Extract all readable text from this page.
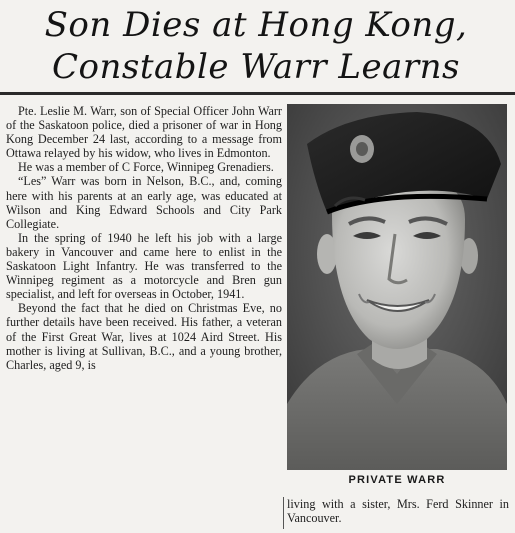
Son Dies at Hong Kong,
Constable Warr Learns

Pte. Leslie M. Warr, son of Special Officer John Warr of the Saskatoon police, died a prisoner of war in Hong Kong December 24 last, according to a message from Ottawa relayed by his widow, who lives in Edmonton.

He was a member of C Force, Winnipeg Grenadiers.

“Les” Warr was born in Nelson, B.C., and, coming here with his parents at an early age, was educated at Wilson and King Edward Schools and City Park Collegiate.

In the spring of 1940 he left his job with a large bakery in Vancouver and came here to enlist in the Saskatoon Light Infantry. He was transferred to the Winnipeg regiment as a motorcycle and Bren gun specialist, and left for overseas in October, 1941.

Beyond the fact that he died on Christmas Eve, no further details have been received. His father, a veteran of the First Great War, lives at 1024 Aird Street. His mother is living at Sullivan, B.C., and a young brother, Charles, aged 9, is

PRIVATE WARR

living with a sister, Mrs. Ferd Skinner in Vancouver.
